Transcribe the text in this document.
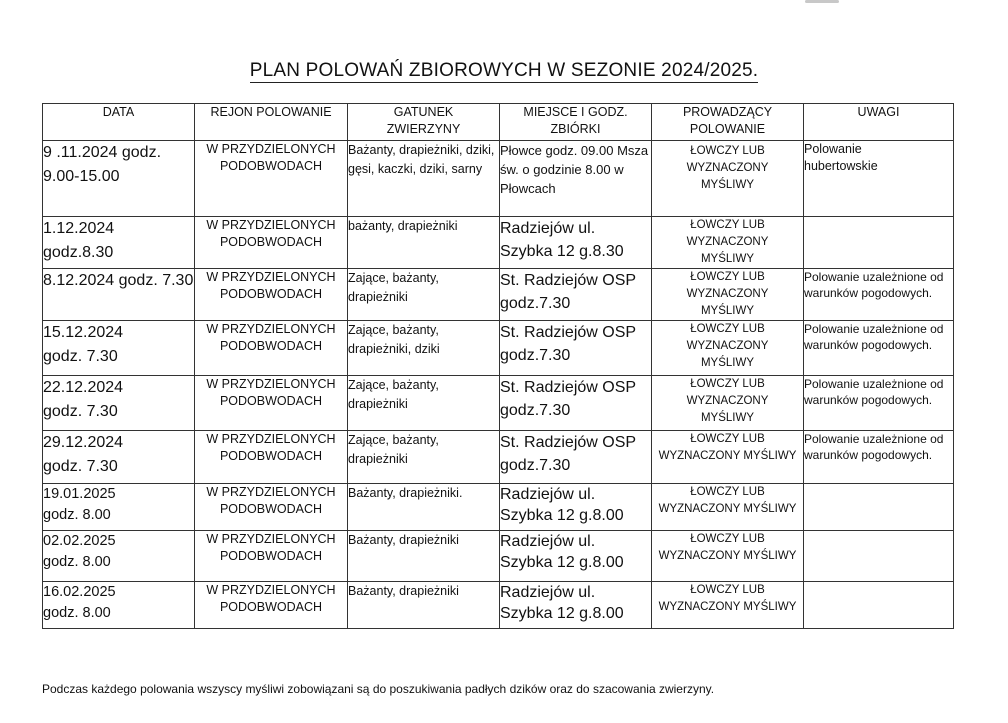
PLAN POLOWAŃ ZBIOROWYCH W SEZONIE 2024/2025.
DATA	REJON POLOWANIE	GATUNEK ZWIERZYNY	MIEJSCE I GODZ. ZBIÓRKI	PROWADZĄCY POLOWANIE	UWAGI
9 .11.2024 godz. 9.00-15.00	W PRZYDZIELONYCH PODOBWODACH	Bażanty, drapieżniki, dziki, gęsi, kaczki, dziki, sarny	Płowce godz. 09.00 Msza św. o godzinie 8.00 w Płowcach	ŁOWCZY LUB WYZNACZONY MYŚLIWY	Polowanie hubertowskie
1.12.2024 godz.8.30	W PRZYDZIELONYCH PODOBWODACH	bażanty, drapieżniki	Radziejów ul. Szybka 12 g.8.30	ŁOWCZY LUB WYZNACZONY MYŚLIWY	
8.12.2024 godz. 7.30	W PRZYDZIELONYCH PODOBWODACH	Zające, bażanty, drapieżniki	St. Radziejów OSP godz.7.30	ŁOWCZY LUB WYZNACZONY MYŚLIWY	Polowanie uzależnione od warunków pogodowych.
15.12.2024 godz. 7.30	W PRZYDZIELONYCH PODOBWODACH	Zające, bażanty, drapieżniki, dziki	St. Radziejów OSP godz.7.30	ŁOWCZY LUB WYZNACZONY MYŚLIWY	Polowanie uzależnione od warunków pogodowych.
22.12.2024 godz. 7.30	W PRZYDZIELONYCH PODOBWODACH	Zające, bażanty, drapieżniki	St. Radziejów OSP godz.7.30	ŁOWCZY LUB WYZNACZONY MYŚLIWY	Polowanie uzależnione od warunków pogodowych.
29.12.2024 godz. 7.30	W PRZYDZIELONYCH PODOBWODACH	Zające, bażanty, drapieżniki	St. Radziejów OSP godz.7.30	ŁOWCZY LUB WYZNACZONY MYŚLIWY	Polowanie uzależnione od warunków pogodowych.
19.01.2025 godz. 8.00	W PRZYDZIELONYCH PODOBWODACH	Bażanty, drapieżniki.	Radziejów ul. Szybka 12 g.8.00	ŁOWCZY LUB WYZNACZONY MYŚLIWY	
02.02.2025 godz. 8.00	W PRZYDZIELONYCH PODOBWODACH	Bażanty, drapieżniki	Radziejów ul. Szybka 12 g.8.00	ŁOWCZY LUB WYZNACZONY MYŚLIWY	
16.02.2025 godz. 8.00	W PRZYDZIELONYCH PODOBWODACH	Bażanty, drapieżniki	Radziejów ul. Szybka 12 g.8.00	ŁOWCZY LUB WYZNACZONY MYŚLIWY	
Podczas każdego polowania wszyscy myśliwi zobowiązani są do poszukiwania padłych dzików oraz do szacowania zwierzyny.
